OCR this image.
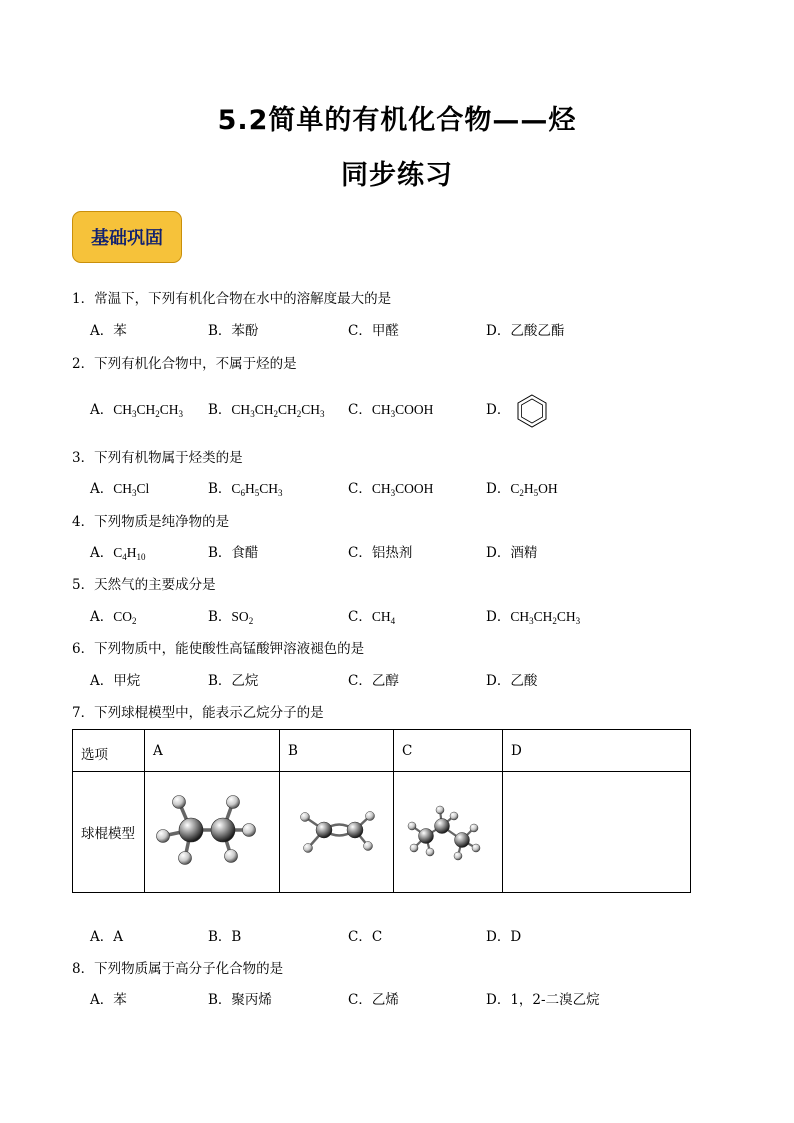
5.2简单的有机化合物——烃
同步练习
基础巩固
1．常温下，下列有机化合物在水中的溶解度最大的是
A．苯	B．苯酚	C．甲醛	D．乙酸乙酯
2．下列有机化合物中，不属于烃的是
A．$CH_3CH_2CH_3$ B．$CH_3CH_2CH_2CH_3$ C．$CH_3COOH$	D．
3．下列有机物属于烃类的是
A．$CH_3Cl$	B．$C_6H_5CH_3$	C．$CH_3COOH$	D．$C_2H_5OH$
4．下列物质是纯净物的是
A．$C_4H_{10}$	B．食醋	C．铝热剂	D．酒精
5．天然气的主要成分是
A．$CO_2$	B．$SO_2$	C．$CH_4$	D．$CH_3CH_2CH_3$
6．下列物质中，能使酸性高锰酸钾溶液褪色的是
A．甲烷	B．乙烷	C．乙醇	D．乙酸
7．下列球棍模型中，能表示乙烷分子的是
选项	A	B	C	D
球棍模型				
A．A	B．B	C．C	D．D
8．下列物质属于高分子化合物的是
A．苯	B．聚丙烯	C．乙烯	D．1，2-二溴乙烷
